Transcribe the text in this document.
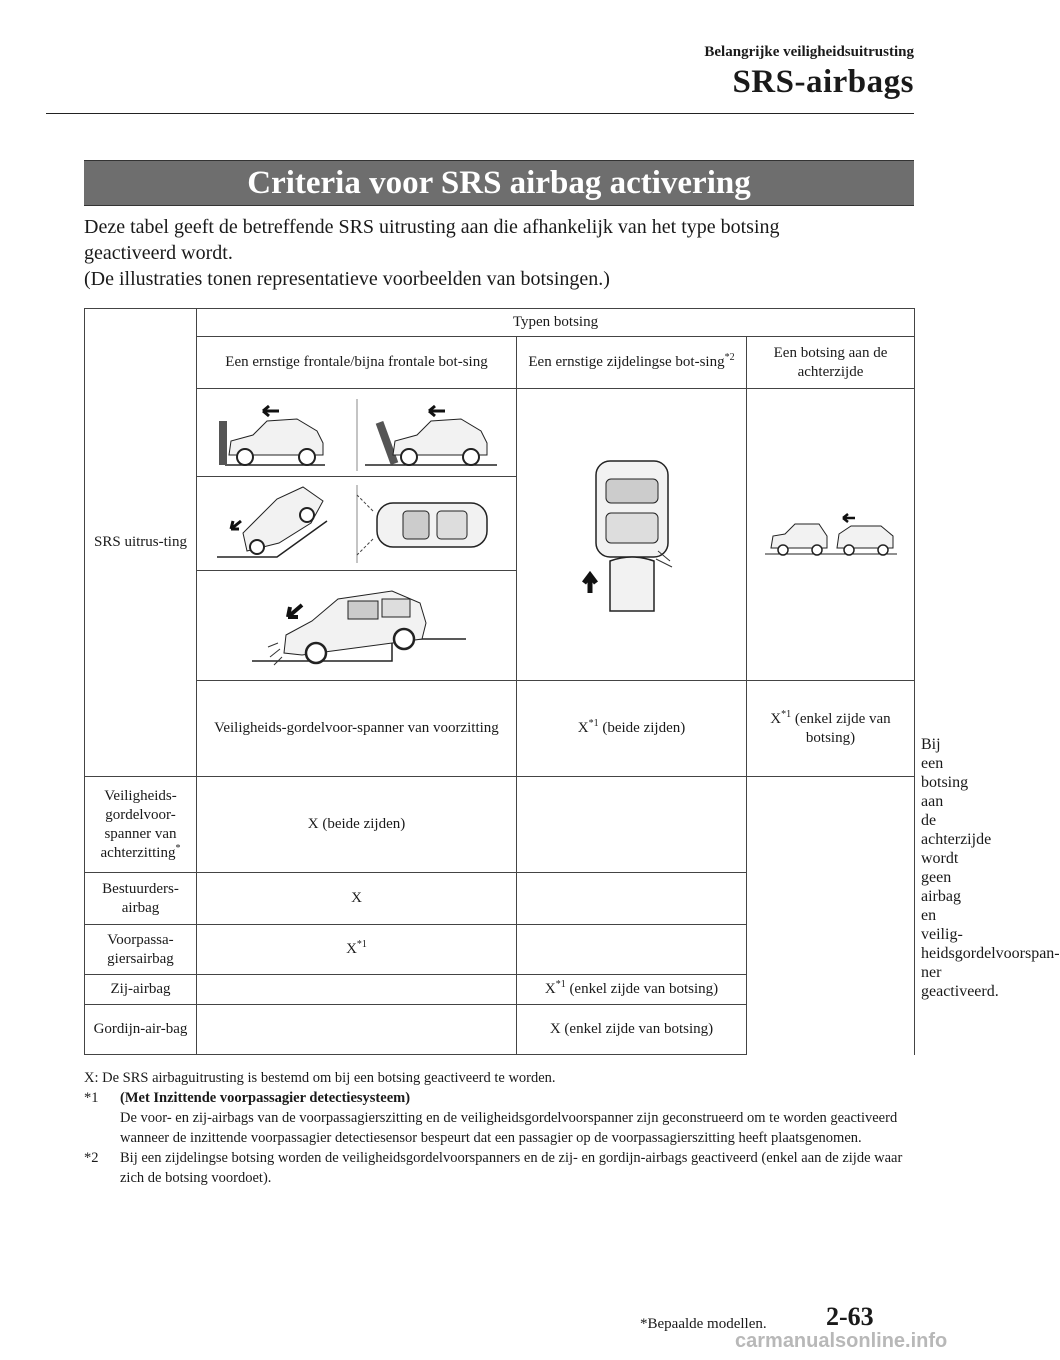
Belangrijke veiligheidsuitrusting
SRS-airbags
Criteria voor SRS airbag activering
Deze tabel geeft de betreffende SRS uitrusting aan die afhankelijk van het type botsing
geactiveerd wordt.
(De illustraties tonen representatieve voorbeelden van botsingen.)
SRS uitrus-ting	Typen botsing			
	Een ernstige frontale/bijna frontale bot-sing	Een ernstige zijdelingse bot-sing$^{*2}$	Een botsing aan de achterzijde	

	Veiligheids-gordelvoor-spanner van voorzitting	$X^{*1}$ (beide zijden)	$X^{*1}$ (enkel zijde van botsing)	Bij een botsing aan de achterzijde wordt geen airbag en veilig-heidsgordelvoorspan-ner geactiveerd.
Veiligheids-gordelvoor-spanner van achterzitting*	X (beide zijden)			
Bestuurders-airbag	X			
Voorpassa-giersairbag	$X^{*1}$	
Zij-airbag		$X^{*1}$ (enkel zijde van botsing)		
Gordijn-air-bag		X (enkel zijde van botsing)		
X: De SRS airbaguitrusting is bestemd om bij een botsing geactiveerd te worden.
*1 (Met Inzittende voorpassagier detectiesysteem)
De voor- en zij-airbags van de voorpassagierszitting en de veiligheidsgordelvoorspanner zijn geconstrueerd om te worden geactiveerd wanneer de inzittende voorpassagier detectiesensor bespeurt dat een passagier op de voorpassagierszitting heeft plaatsgenomen.
*2 Bij een zijdelingse botsing worden de veiligheidsgordelvoorspanners en de zij- en gordijn-airbags geactiveerd (enkel aan de zijde waar zich de botsing voordoet).
*Bepaalde modellen. 2-63
carmanualsonline.info
